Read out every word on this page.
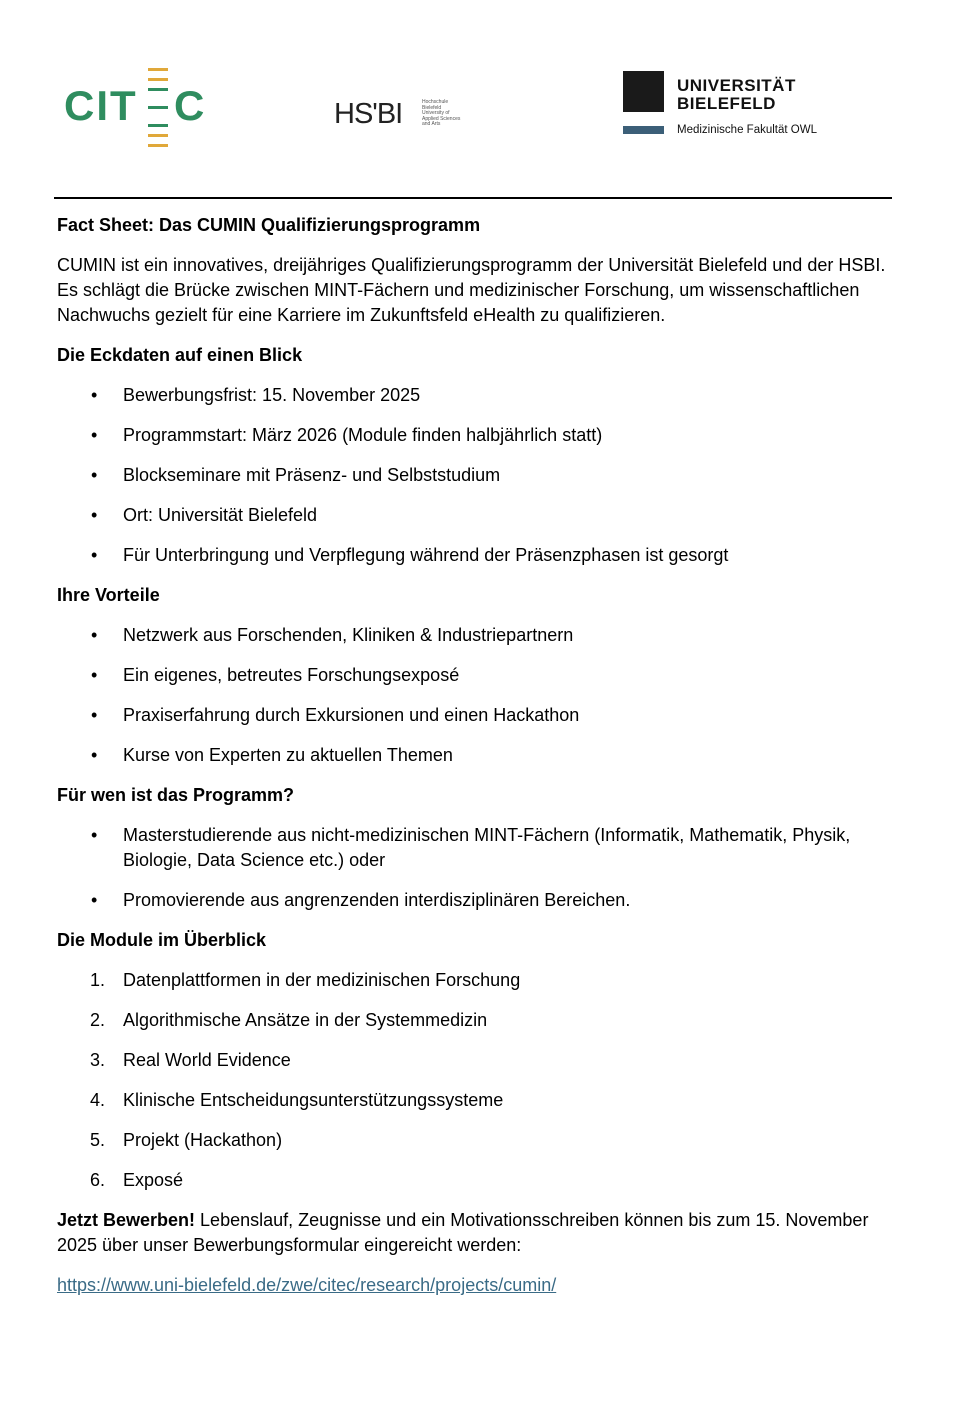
CIT C	HS'BI	Hochschule
Bielefeld
University of
Applied Sciences
and Arts
UNIVERSITÄT
BIELEFELD
Medizinische Fakultät OWL

Fact Sheet: Das CUMIN Qualifizierungsprogramm

CUMIN ist ein innovatives, dreijähriges Qualifizierungsprogramm der Universität Bielefeld und der HSBI. Es schlägt die Brücke zwischen MINT-Fächern und medizinischer Forschung, um wissenschaftlichen Nachwuchs gezielt für eine Karriere im Zukunftsfeld eHealth zu qualifizieren.

Die Eckdaten auf einen Blick

• Bewerbungsfrist: 15. November 2025
• Programmstart: März 2026 (Module finden halbjährlich statt)
• Blockseminare mit Präsenz- und Selbststudium
• Ort: Universität Bielefeld
• Für Unterbringung und Verpflegung während der Präsenzphasen ist gesorgt

Ihre Vorteile

• Netzwerk aus Forschenden, Kliniken & Industriepartnern
• Ein eigenes, betreutes Forschungsexposé
• Praxiserfahrung durch Exkursionen und einen Hackathon
• Kurse von Experten zu aktuellen Themen

Für wen ist das Programm?

• Masterstudierende aus nicht-medizinischen MINT-Fächern (Informatik, Mathematik, Physik, Biologie, Data Science etc.) oder
• Promovierende aus angrenzenden interdisziplinären Bereichen.

Die Module im Überblick

1. Datenplattformen in der medizinischen Forschung
2. Algorithmische Ansätze in der Systemmedizin
3. Real World Evidence
4. Klinische Entscheidungsunterstützungssysteme
5. Projekt (Hackathon)
6. Exposé

Jetzt Bewerben! Lebenslauf, Zeugnisse und ein Motivationsschreiben können bis zum 15. November 2025 über unser Bewerbungsformular eingereicht werden:

https://www.uni-bielefeld.de/zwe/citec/research/projects/cumin/
